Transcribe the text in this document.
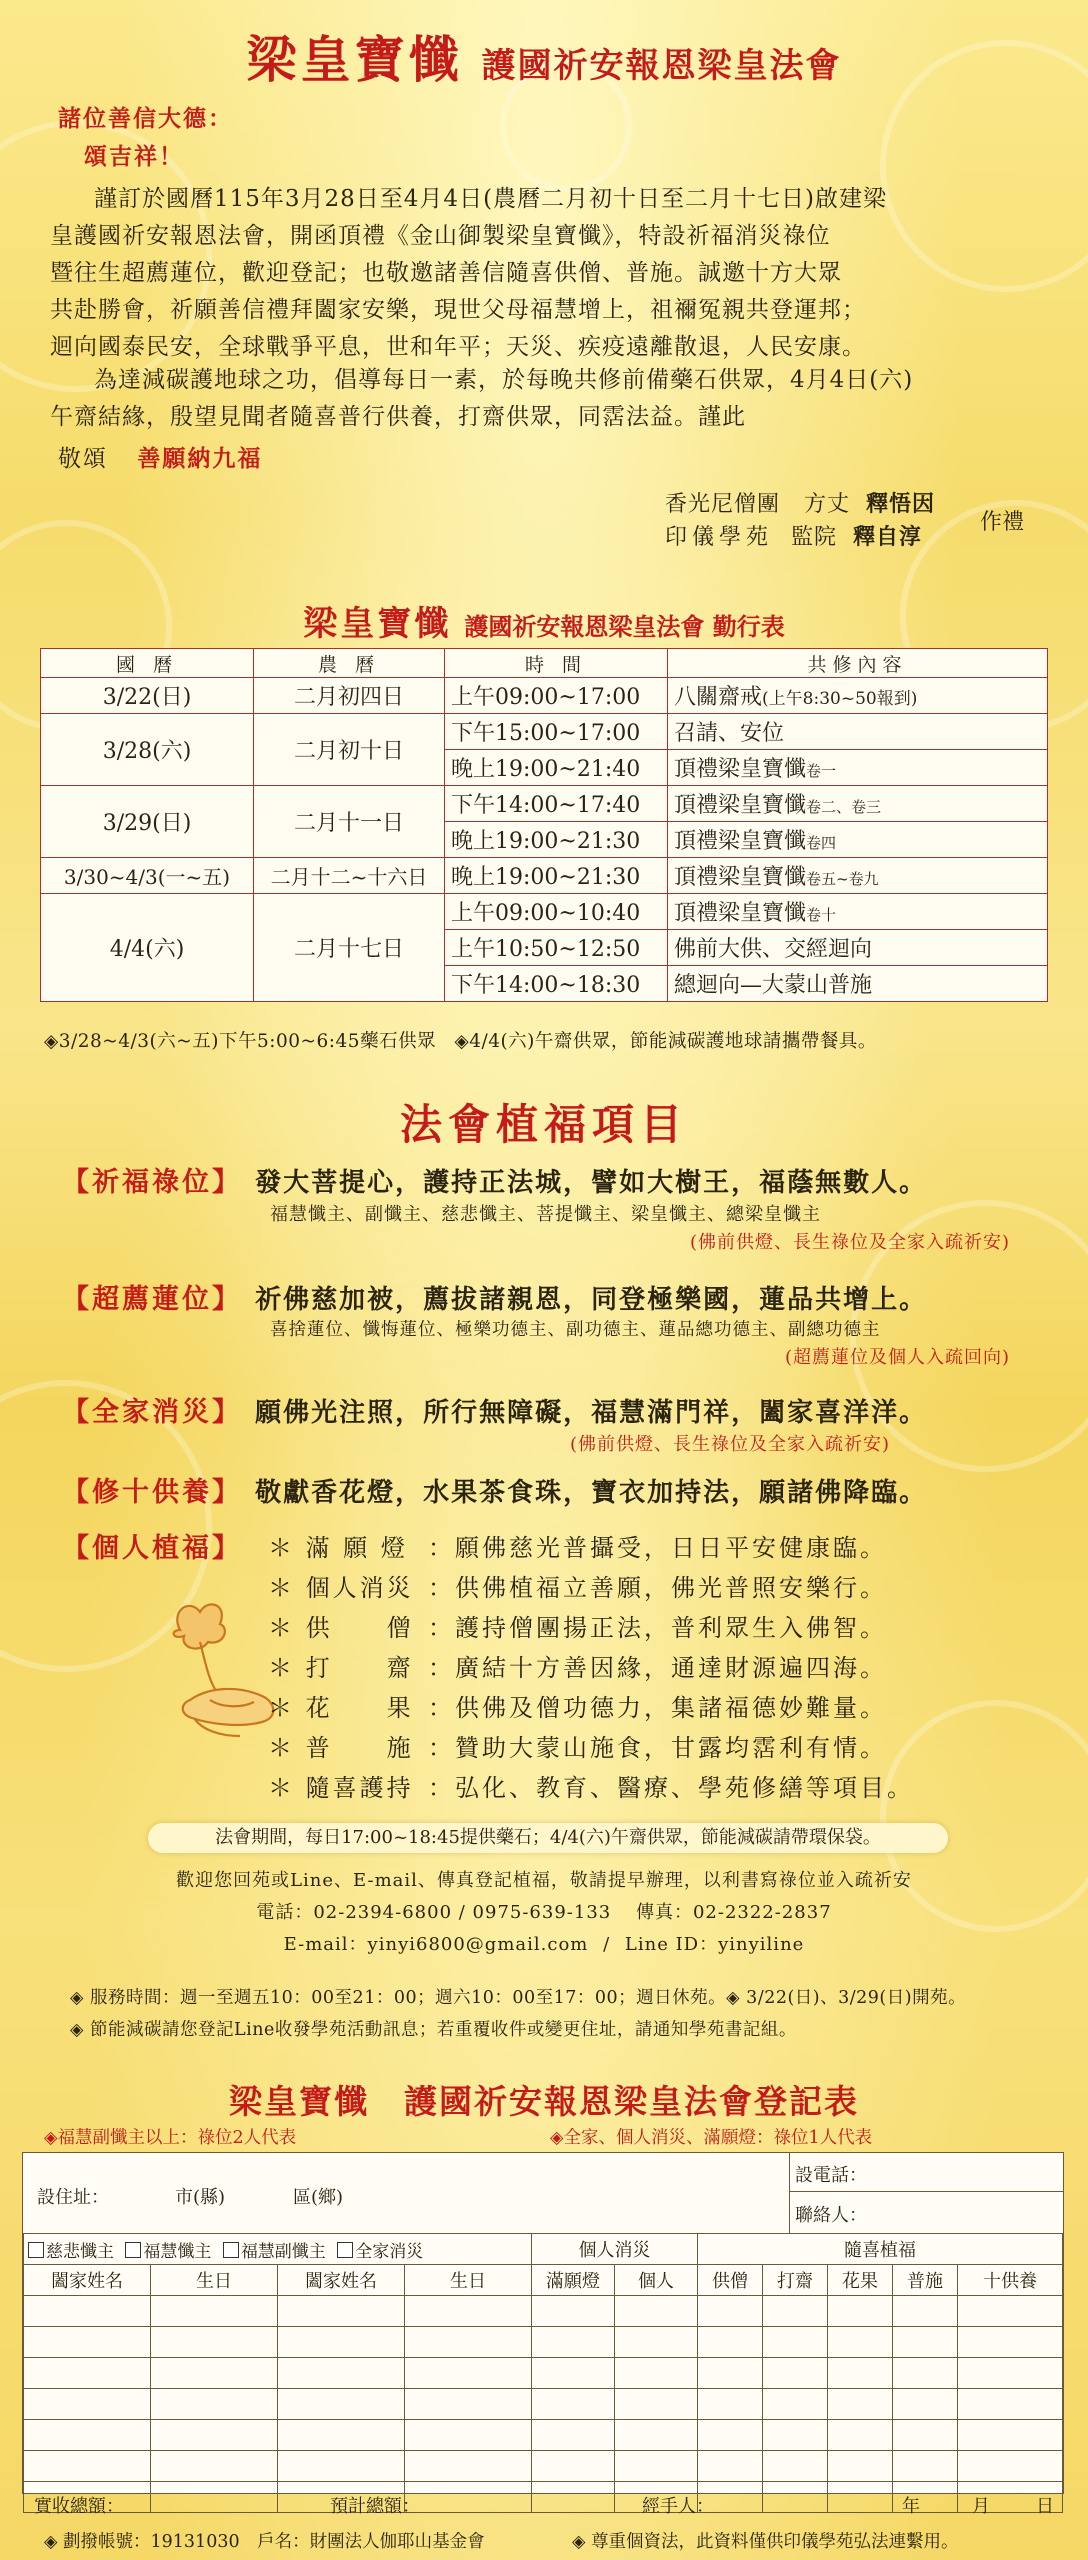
梁皇寶懺 護國祈安報恩梁皇法會
諸位善信大德：
頌吉祥！
謹訂於國曆115年3月28日至4月4日(農曆二月初十日至二月十七日)啟建梁
皇護國祈安報恩法會，開函頂禮《金山御製梁皇寶懺》，特設祈福消災祿位
暨往生超薦蓮位，歡迎登記；也敬邀諸善信隨喜供僧、普施。誠邀十方大眾
共赴勝會，祈願善信禮拜闔家安樂，現世父母福慧增上，祖禰冤親共登運邦；
迴向國泰民安，全球戰爭平息，世和年平；天災、疾疫遠離散退，人民安康。
為達減碳護地球之功，倡導每日一素，於每晚共修前備藥石供眾，4月4日(六)
午齋結緣，殷望見聞者隨喜普行供養，打齋供眾，同霑法益。謹此
敬頌 善願納九福
香光尼僧團 方丈 釋悟因
印儀學苑 監院 釋自淳
作禮
梁皇寶懺 護國祈安報恩梁皇法會 勤行表
國 曆	農 曆	時 間	共修內容
3/22(日)	二月初四日	上午09:00~17:00	八關齋戒(上午8:30~50報到)
3/28(六)	二月初十日	下午15:00~17:00	召請、安位
		晚上19:00~21:40	頂禮梁皇寶懺卷一
3/29(日)	二月十一日	下午14:00~17:40	頂禮梁皇寶懺卷二、卷三
		晚上19:00~21:30	頂禮梁皇寶懺卷四
3/30~4/3(一~五)	二月十二~十六日	晚上19:00~21:30	頂禮梁皇寶懺卷五~卷九
4/4(六)	二月十七日	上午09:00~10:40	頂禮梁皇寶懺卷十
		上午10:50~12:50	佛前大供、交經迴向
		下午14:00~18:30	總迴向—大蒙山普施
◈3/28~4/3(六~五)下午5:00~6:45藥石供眾 ◈4/4(六)午齋供眾，節能減碳護地球請攜帶餐具。
法會植福項目
【祈福祿位】 發大菩提心，護持正法城，譬如大樹王，福蔭無數人。
福慧懺主、副懺主、慈悲懺主、菩提懺主、梁皇懺主、總梁皇懺主
(佛前供燈、長生祿位及全家入疏祈安)
【超薦蓮位】 祈佛慈加被，薦拔諸親恩，同登極樂國，蓮品共增上。
喜捨蓮位、懺悔蓮位、極樂功德主、副功德主、蓮品總功德主、副總功德主
(超薦蓮位及個人入疏回向)
【全家消災】 願佛光注照，所行無障礙，福慧滿門祥，闔家喜洋洋。
(佛前供燈、長生祿位及全家入疏祈安)
【修十供養】 敬獻香花燈，水果茶食珠，寶衣加持法，願諸佛降臨。
【個人植福】 ＊ 滿 願 燈 ：願佛慈光普攝受，日日平安健康臨。
＊ 個人消災 ：供佛植福立善願，佛光普照安樂行。
＊ 供　　僧 ：護持僧團揚正法，普利眾生入佛智。
＊ 打　　齋 ：廣結十方善因緣，通達財源遍四海。
＊ 花　　果 ：供佛及僧功德力，集諸福德妙難量。
＊ 普　　施 ：贊助大蒙山施食，甘露均霑利有情。
＊ 隨喜護持 ：弘化、教育、醫療、學苑修繕等項目。
法會期間，每日17:00~18:45提供藥石；4/4(六)午齋供眾，節能減碳請帶環保袋。
歡迎您回苑或Line、E-mail、傳真登記植福，敬請提早辦理，以利書寫祿位並入疏祈安
電話：02-2394-6800 / 0975-639-133 傳真：02-2322-2837
E-mail：yinyi6800@gmail.com / Line ID：yinyiline
◈ 服務時間：週一至週五10：00至21：00；週六10：00至17：00；週日休苑。◈ 3/22(日)、3/29(日)開苑。
◈ 節能減碳請您登記Line收發學苑活動訊息；若重覆收件或變更住址，請通知學苑書記組。
梁皇寶懺　護國祈安報恩梁皇法會登記表
◈福慧副懺主以上：祿位2人代表	◈全家、個人消災、滿願燈：祿位1人代表
設住址：	市(縣)	區(鄉)
設電話：
聯絡人：
慈悲懺主 福慧懺主 福慧副懺主 全家消災				個人消災		隨喜植福				
闔家姓名	生日	闔家姓名	生日	滿願燈	個人	供僧	打齋	花果	普施	十供養

實收總額：	預計總額：	經手人：	年	月	日
◈ 劃撥帳號：19131030　戶名：財團法人伽耶山基金會	◈ 尊重個資法，此資料僅供印儀學苑弘法連繫用。
